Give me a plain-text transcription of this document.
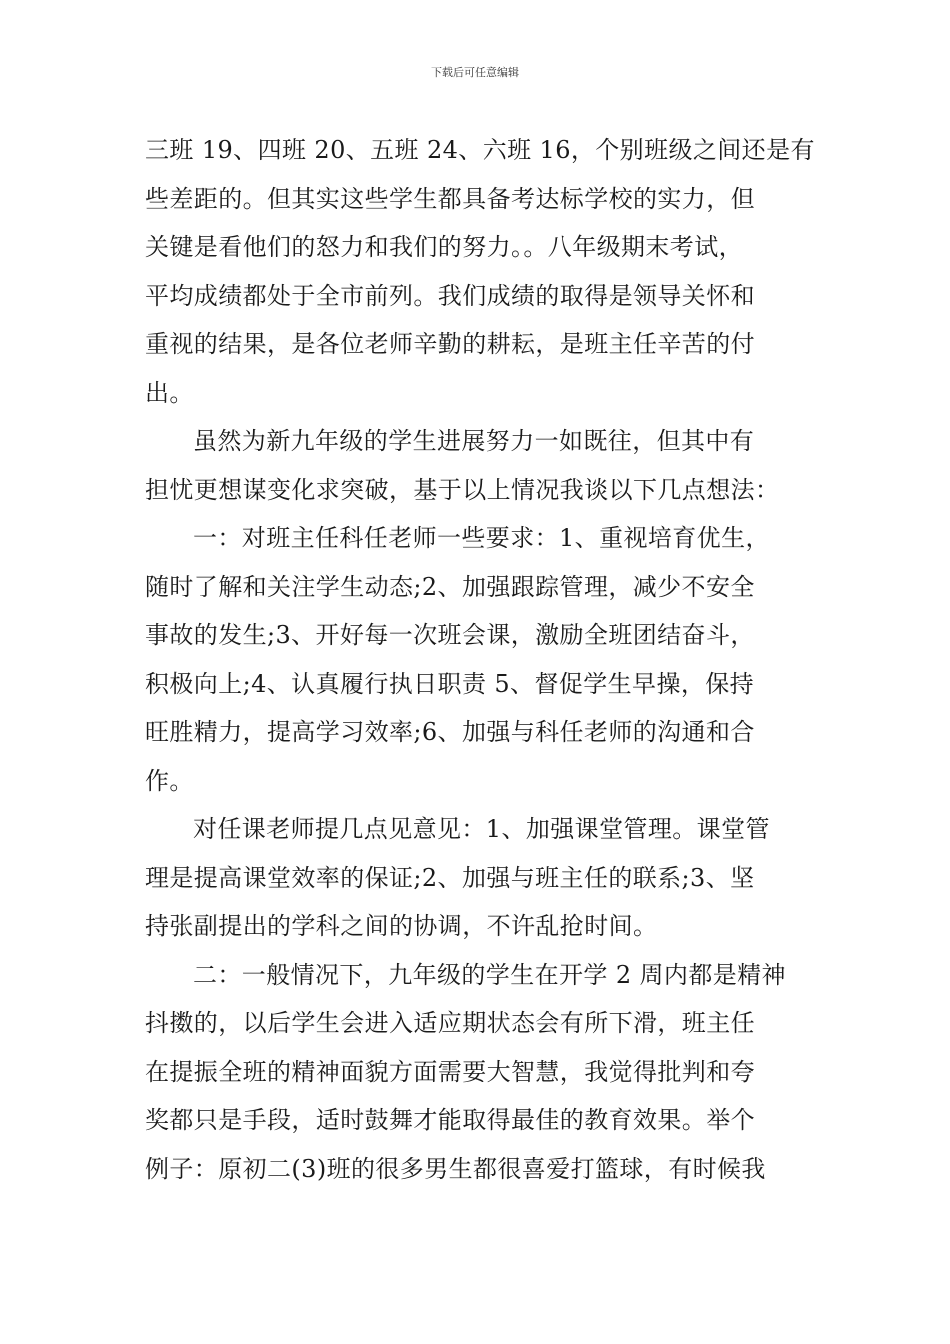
下载后可任意编辑
三班 19、四班 20、五班 24、六班 16，个别班级之间还是有
些差距的。但其实这些学生都具备考达标学校的实力，但
关键是看他们的怒力和我们的努力。。八年级期末考试，
平均成绩都处于全市前列。我们成绩的取得是领导关怀和
重视的结果，是各位老师辛勤的耕耘，是班主任辛苦的付
出。
虽然为新九年级的学生进展努力一如既往，但其中有
担忧更想谋变化求突破，基于以上情况我谈以下几点想法：
一：对班主任科任老师一些要求：1、重视培育优生，
随时了解和关注学生动态;2、加强跟踪管理，减少不安全
事故的发生;3、开好每一次班会课，激励全班团结奋斗，
积极向上;4、认真履行执日职责 5、督促学生早操，保持
旺胜精力，提高学习效率;6、加强与科任老师的沟通和合
作。
对任课老师提几点见意见：1、加强课堂管理。课堂管
理是提高课堂效率的保证;2、加强与班主任的联系;3、坚
持张副提出的学科之间的协调，不许乱抢时间。
二：一般情况下，九年级的学生在开学 2 周内都是精神
抖擞的，以后学生会进入适应期状态会有所下滑，班主任
在提振全班的精神面貌方面需要大智慧，我觉得批判和夸
奖都只是手段，适时鼓舞才能取得最佳的教育效果。举个
例子：原初二(3)班的很多男生都很喜爱打篮球，有时候我
